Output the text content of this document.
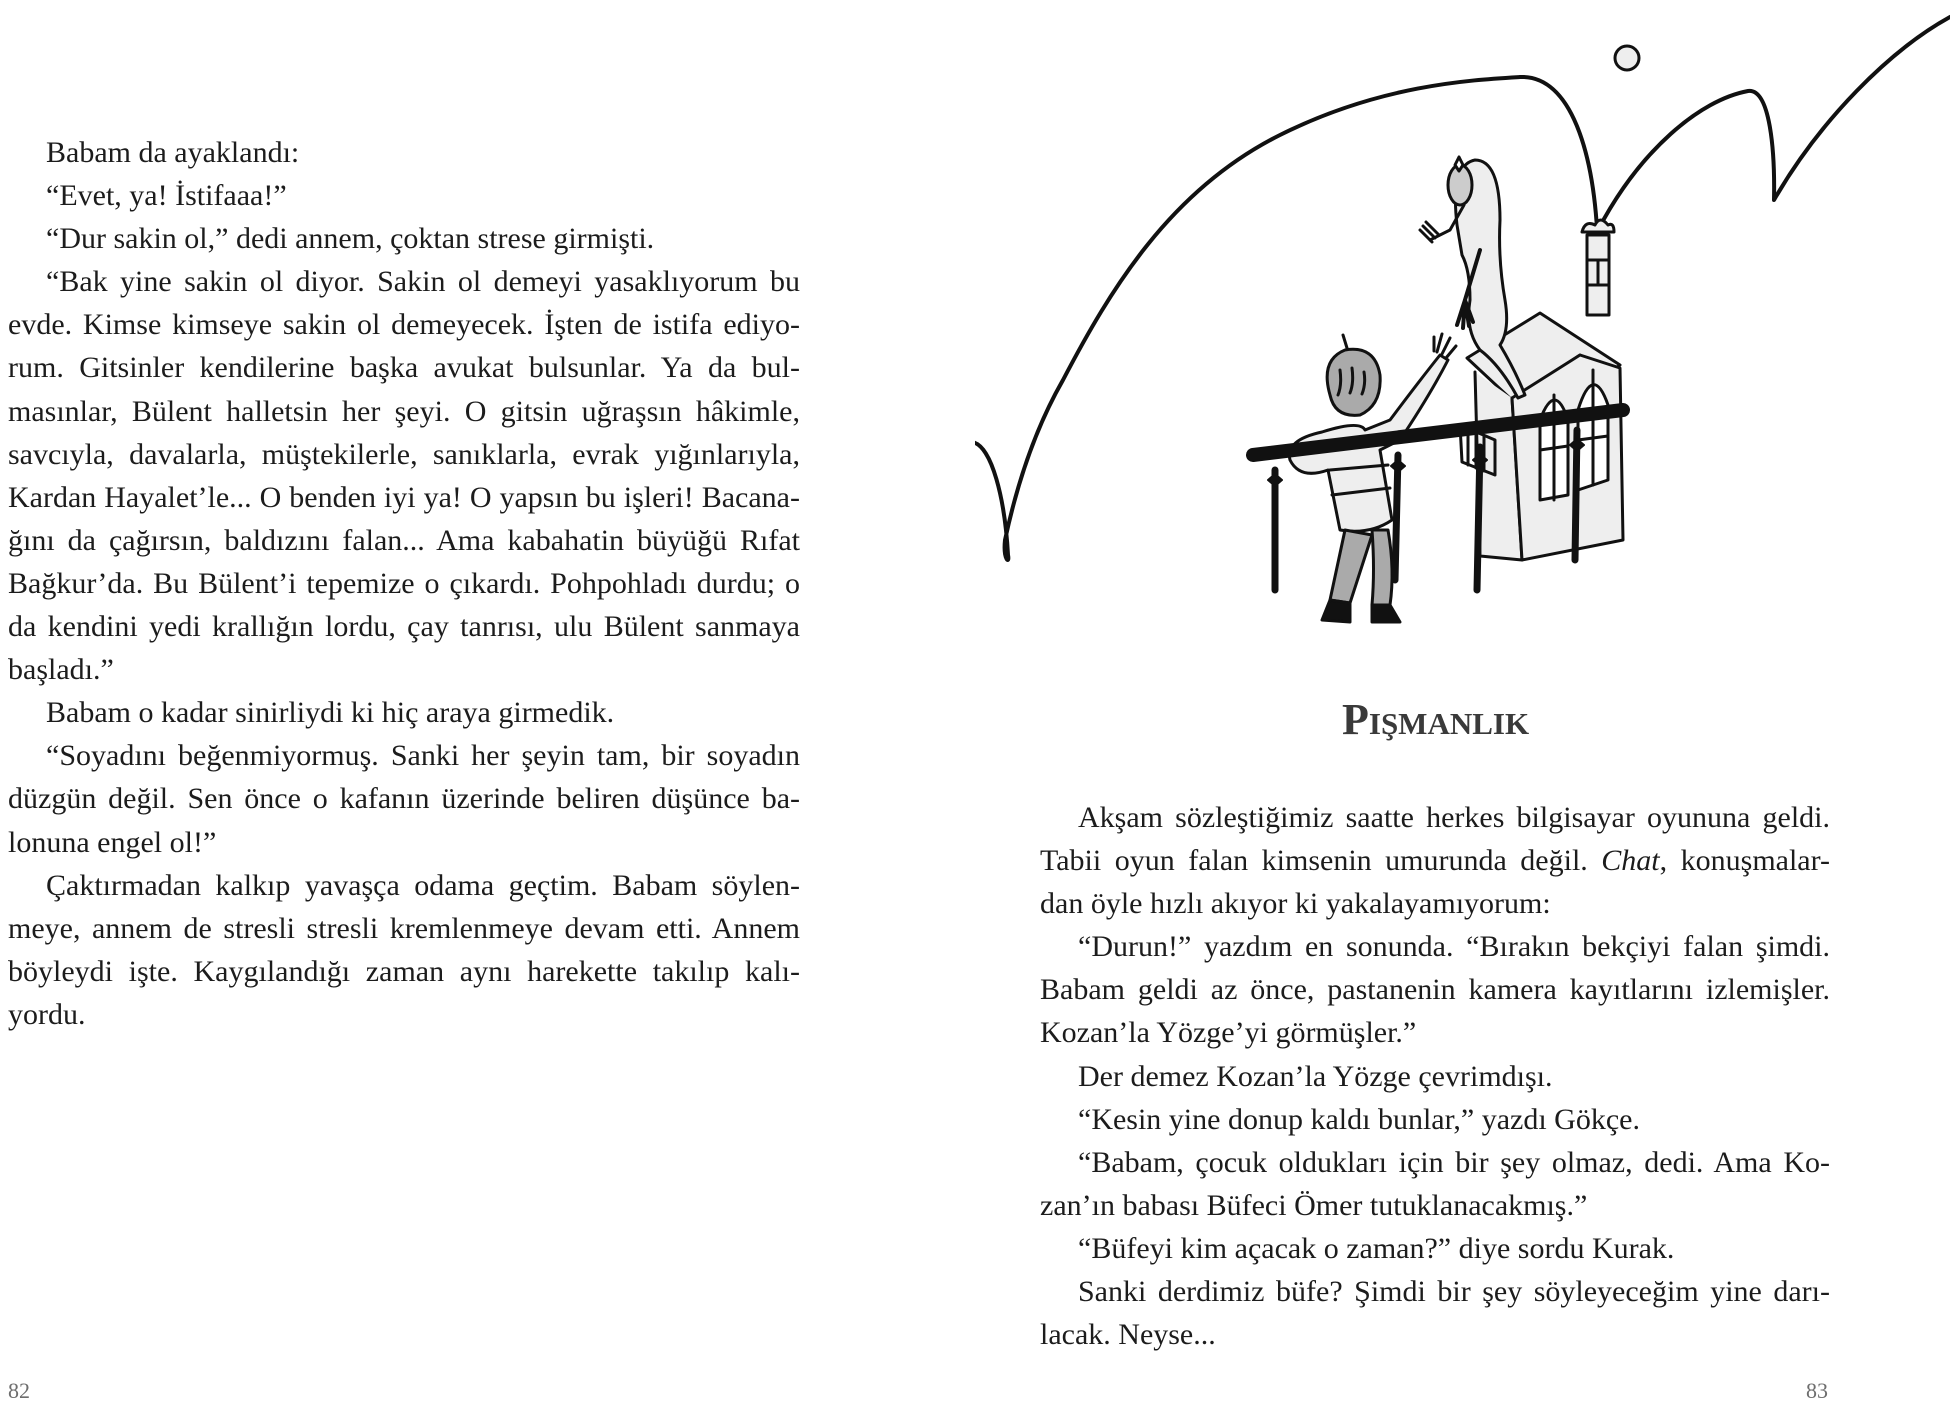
Babam da ayaklandı:
“Evet, ya! İstifaaa!”
“Dur sakin ol,” dedi annem, çoktan strese girmişti.
“Bak yine sakin ol diyor. Sakin ol demeyi yasaklıyorum bu
evde. Kimse kimseye sakin ol demeyecek. İşten de istifa ediyo-
rum. Gitsinler kendilerine başka avukat bulsunlar. Ya da bul-
masınlar, Bülent halletsin her şeyi. O gitsin uğraşsın hâkimle,
savcıyla, davalarla, müştekilerle, sanıklarla, evrak yığınlarıyla,
Kardan Hayalet’le... O benden iyi ya! O yapsın bu işleri! Bacana-
ğını da çağırsın, baldızını falan... Ama kabahatin büyüğü Rıfat
Bağkur’da. Bu Bülent’i tepemize o çıkardı. Pohpohladı durdu; o
da kendini yedi krallığın lordu, çay tanrısı, ulu Bülent sanmaya
başladı.”
Babam o kadar sinirliydi ki hiç araya girmedik.
“Soyadını beğenmiyormuş. Sanki her şeyin tam, bir soyadın
düzgün değil. Sen önce o kafanın üzerinde beliren düşünce ba-
lonuna engel ol!”
Çaktırmadan kalkıp yavaşça odama geçtim. Babam söylen-
meye, annem de stresli stresli kremlenmeye devam etti. Annem
böyleydi işte. Kaygılandığı zaman aynı harekette takılıp kalı-
yordu.
82
Pişmanlık
Akşam sözleştiğimiz saatte herkes bilgisayar oyununa geldi.
Tabii oyun falan kimsenin umurunda değil. Chat, konuşmalar-
dan öyle hızlı akıyor ki yakalayamıyorum:
“Durun!” yazdım en sonunda. “Bırakın bekçiyi falan şimdi.
Babam geldi az önce, pastanenin kamera kayıtlarını izlemişler.
Kozan’la Yözge’yi görmüşler.”
Der demez Kozan’la Yözge çevrimdışı.
“Kesin yine donup kaldı bunlar,” yazdı Gökçe.
“Babam, çocuk oldukları için bir şey olmaz, dedi. Ama Ko-
zan’ın babası Büfeci Ömer tutuklanacakmış.”
“Büfeyi kim açacak o zaman?” diye sordu Kurak.
Sanki derdimiz büfe? Şimdi bir şey söyleyeceğim yine darı-
lacak. Neyse...
83
